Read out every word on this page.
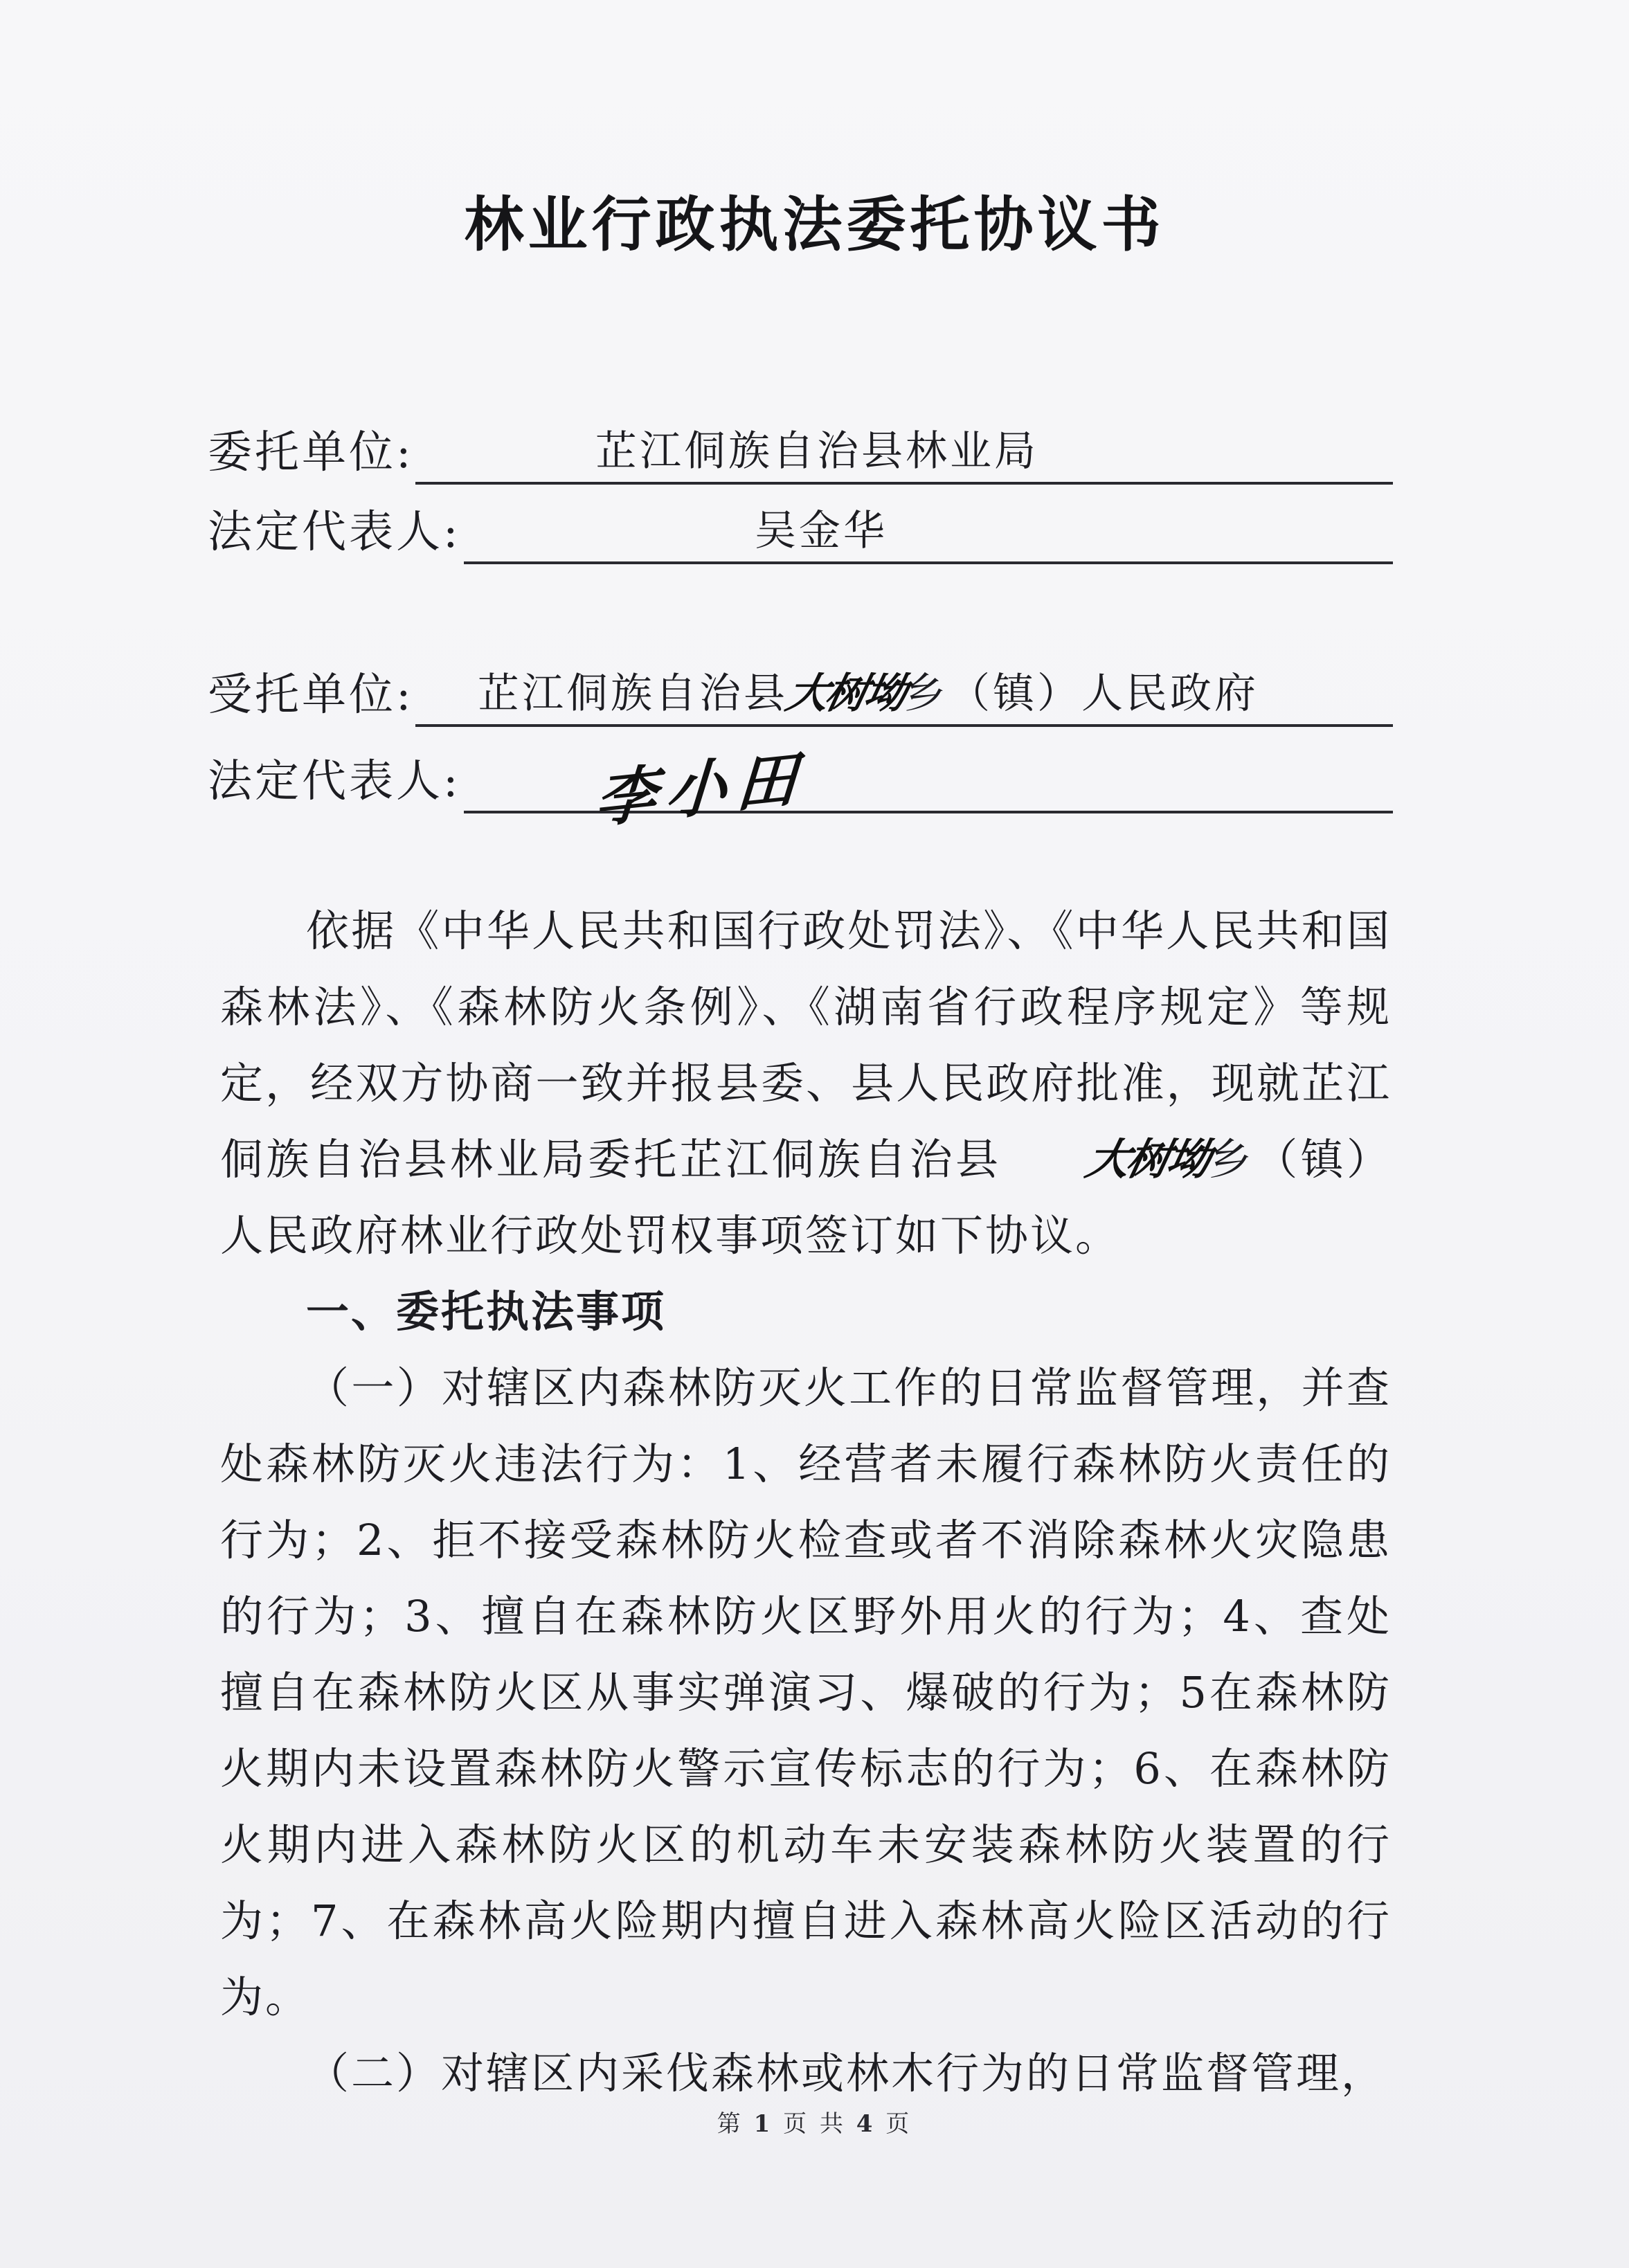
林业行政执法委托协议书
委托单位:	芷江侗族自治县林业局
法定代表人:	吴金华
受托单位: 芷江侗族自治县大树坳乡（镇）人民政府
法定代表人: 李小田

依据《中华人民共和国行政处罚法》、《中华人民共和国森林法》、《森林防火条例》、《湖南省行政程序规定》等规定，经双方协商一致并报县委、县人民政府批准，现就芷江侗族自治县林业局委托芷江侗族自治县 大树坳乡（镇）人民政府林业行政处罚权事项签订如下协议。

一、委托执法事项

（一）对辖区内森林防灭火工作的日常监督管理，并查处森林防灭火违法行为：1、经营者未履行森林防火责任的行为；2、拒不接受森林防火检查或者不消除森林火灾隐患的行为；3、擅自在森林防火区野外用火的行为；4、查处擅自在森林防火区从事实弹演习、爆破的行为；5在森林防火期内未设置森林防火警示宣传标志的行为；6、在森林防火期内进入森林防火区的机动车未安装森林防火装置的行为；7、在森林高火险期内擅自进入森林高火险区活动的行为。

（二）对辖区内采伐森林或林木行为的日常监督管理，

第 1 页 共 4 页
